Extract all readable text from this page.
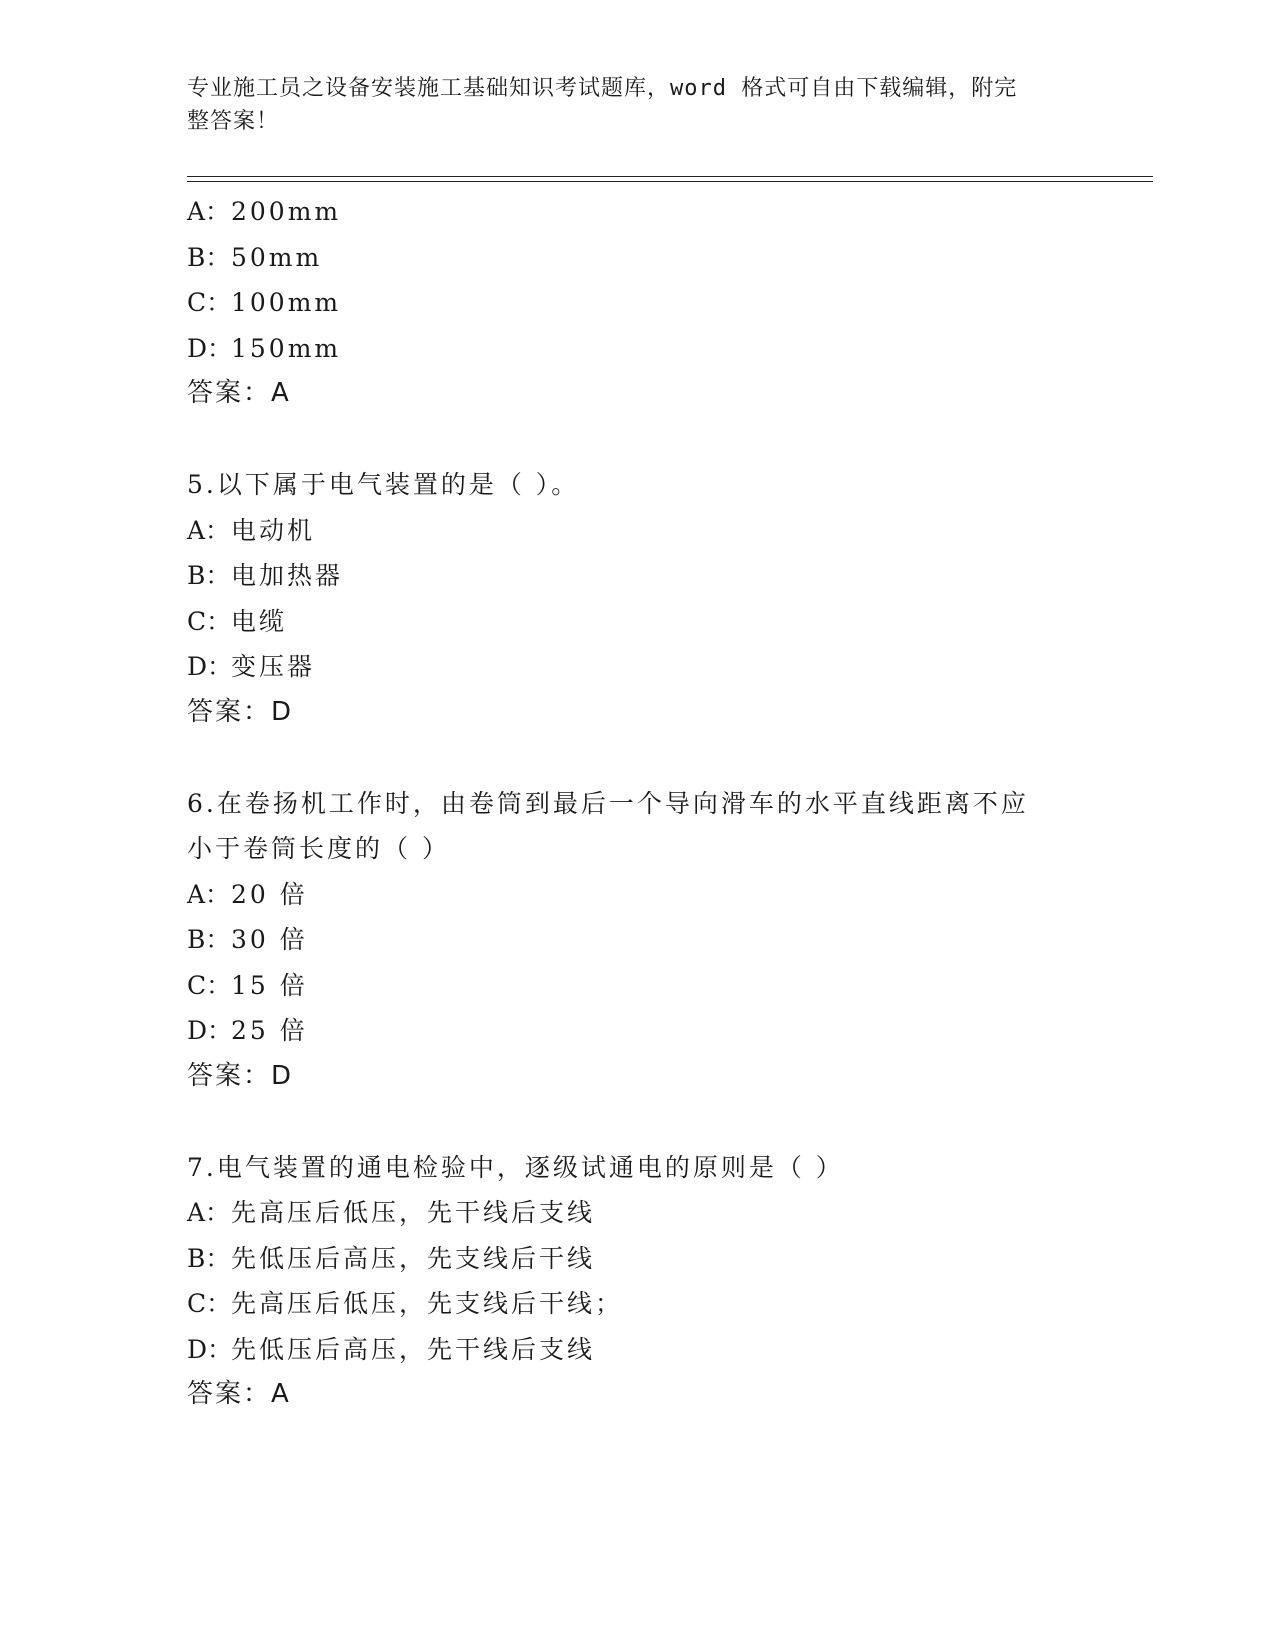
专业施工员之设备安装施工基础知识考试题库，word 格式可自由下载编辑，附完
整答案！
A：200mm
B：50mm
C：100mm
D：150mm
答案：A
5.以下属于电气装置的是（ ）。
A：电动机
B：电加热器
C：电缆
D：变压器
答案：D
6.在卷扬机工作时，由卷筒到最后一个导向滑车的水平直线距离不应
小于卷筒长度的（ ）
A：20 倍
B：30 倍
C：15 倍
D：25 倍
答案：D
7.电气装置的通电检验中，逐级试通电的原则是（ ）
A：先高压后低压，先干线后支线
B：先低压后高压，先支线后干线
C：先高压后低压，先支线后干线；
D：先低压后高压，先干线后支线
答案：A
